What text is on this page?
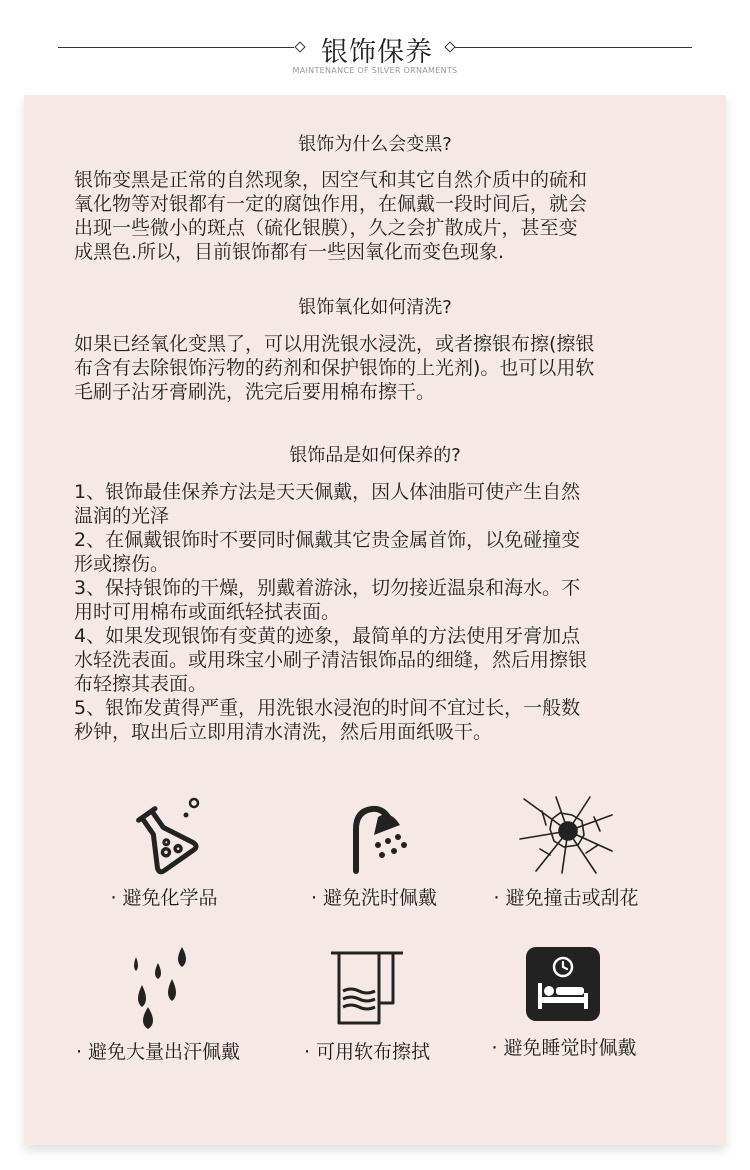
银饰保养
MAINTENANCE OF SILVER ORNAMENTS
银饰为什么会变黑?
银饰变黑是正常的自然现象，因空气和其它自然介质中的硫和
氧化物等对银都有一定的腐蚀作用，在佩戴一段时间后，就会
出现一些微小的斑点（硫化银膜），久之会扩散成片，甚至变
成黑色.所以，目前银饰都有一些因氧化而变色现象.
银饰氧化如何清洗?
如果已经氧化变黑了，可以用洗银水浸洗，或者擦银布擦(擦银
布含有去除银饰污物的药剂和保护银饰的上光剂)。也可以用软
毛刷子沾牙膏刷洗，洗完后要用棉布擦干。
银饰品是如何保养的?
1、银饰最佳保养方法是天天佩戴，因人体油脂可使产生自然
温润的光泽
2、在佩戴银饰时不要同时佩戴其它贵金属首饰，以免碰撞变
形或擦伤。
3、保持银饰的干燥，别戴着游泳，切勿接近温泉和海水。不
用时可用棉布或面纸轻拭表面。
4、如果发现银饰有变黄的迹象，最简单的方法使用牙膏加点
水轻洗表面。或用珠宝小刷子清洁银饰品的细缝，然后用擦银
布轻擦其表面。
5、银饰发黄得严重，用洗银水浸泡的时间不宜过长，一般数
秒钟，取出后立即用清水清洗，然后用面纸吸干。
· 避免化学品	· 避免洗时佩戴	· 避免撞击或刮花
· 避免大量出汗佩戴	· 可用软布擦拭	· 避免睡觉时佩戴
